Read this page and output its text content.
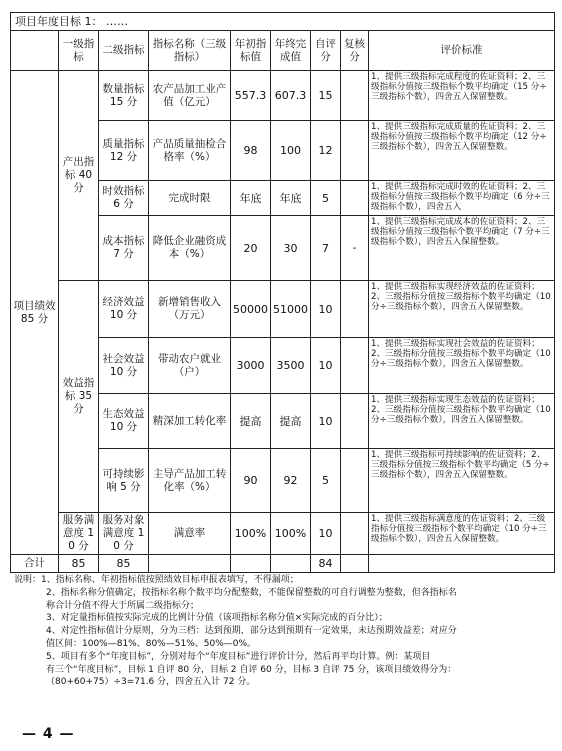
项目年度目标 1： ……								
	一级指标	二级指标	指标名称（三级指标）	年初指标值	年终完成值	自评分	复核分	评价标准
项目绩效 85 分	产出指标 40 分	数量指标 15 分	农产品加工业产值（亿元）	557.3	607.3	15		1、提供三级指标完成程度的佐证资料；2、三级指标分值按三级指标个数平均确定（15 分÷三级指标个数），四舍五入保留整数。
		质量指标 12 分	产品质量抽检合格率（%）	98	100	12		1、提供三级指标完成质量的佐证资料；2、三级指标分值按三级指标个数平均确定（12 分÷三级指标个数），四舍五入保留整数。
		时效指标 6 分	完成时限	年底	年底	5		1、提供三级指标完成时效的佐证资料；2、三级指标分值按三级指标个数平均确定（6 分÷三级指标个数），四舍五入
		成本指标 7 分	降低企业融资成本（%）	20	30	7	-	1、提供三级指标完成成本的佐证资料；2、三级指标分值按三级指标个数平均确定（7 分÷三级指标个数），四舍五入保留整数。
	效益指标 35 分	经济效益 10 分	新增销售收入（万元）	50000	51000	10		1、提供三级指标实现经济效益的佐证资料；2、三级指标分值按三级指标个数平均确定（10 分÷三级指标个数），四舍五入保留整数。
		社会效益 10 分	带动农户就业（户）	3000	3500	10		1、提供三级指标实现社会效益的佐证资料；2、三级指标分值按三级指标个数平均确定（10 分÷三级指标个数），四舍五入保留整数。
		生态效益 10 分	精深加工转化率	提高	提高	10		1、提供三级指标实现生态效益的佐证资料；2、三级指标分值按三级指标个数平均确定（10 分÷三级指标个数），四舍五入保留整数。
		可持续影响 5 分	主导产品加工转化率（%）	90	92	5		1、提供三级指标可持续影响的佐证资料；2、三级指标分值按三级指标个数平均确定（5 分÷三级指标个数），四舍五入保留整数。
	服务满意度 10 分	服务对象满意度 10 分	满意率	100%	100%	10		1、提供三级指标满意度的佐证资料；2、三级指标分值按三级指标个数平均确定（10 分÷三级指标个数），四舍五入保留整数。
合计	85	85				84		
说明：1、指标名称、年初指标值按照绩效目标申报表填写，不得漏项；
2、指标名称分值确定，按指标名称个数平均分配整数，不能保留整数的可自行调整为整数，但各指标名
称合计分值不得大于所属二级指标分；
3、对定量指标值按实际完成的比例计分值（该项指标名称分值×实际完成的百分比）；
4、对定性指标值计分原则，分为三档：达到预期，部分达到预期有一定效果，未达预期效益差；对应分
值区间：100%—81%、80%—51%、50%—0%。
5、项目有多个“年度目标”，分别对每个“年度目标”进行评价计分，然后再平均计算。例：某项目
有三个“年度目标”，目标 1 自评 80 分，目标 2 自评 60 分，目标 3 自评 75 分，该项目绩效得分为：
（80+60+75）÷3=71.6 分，四舍五入计 72 分。
— 4 —
